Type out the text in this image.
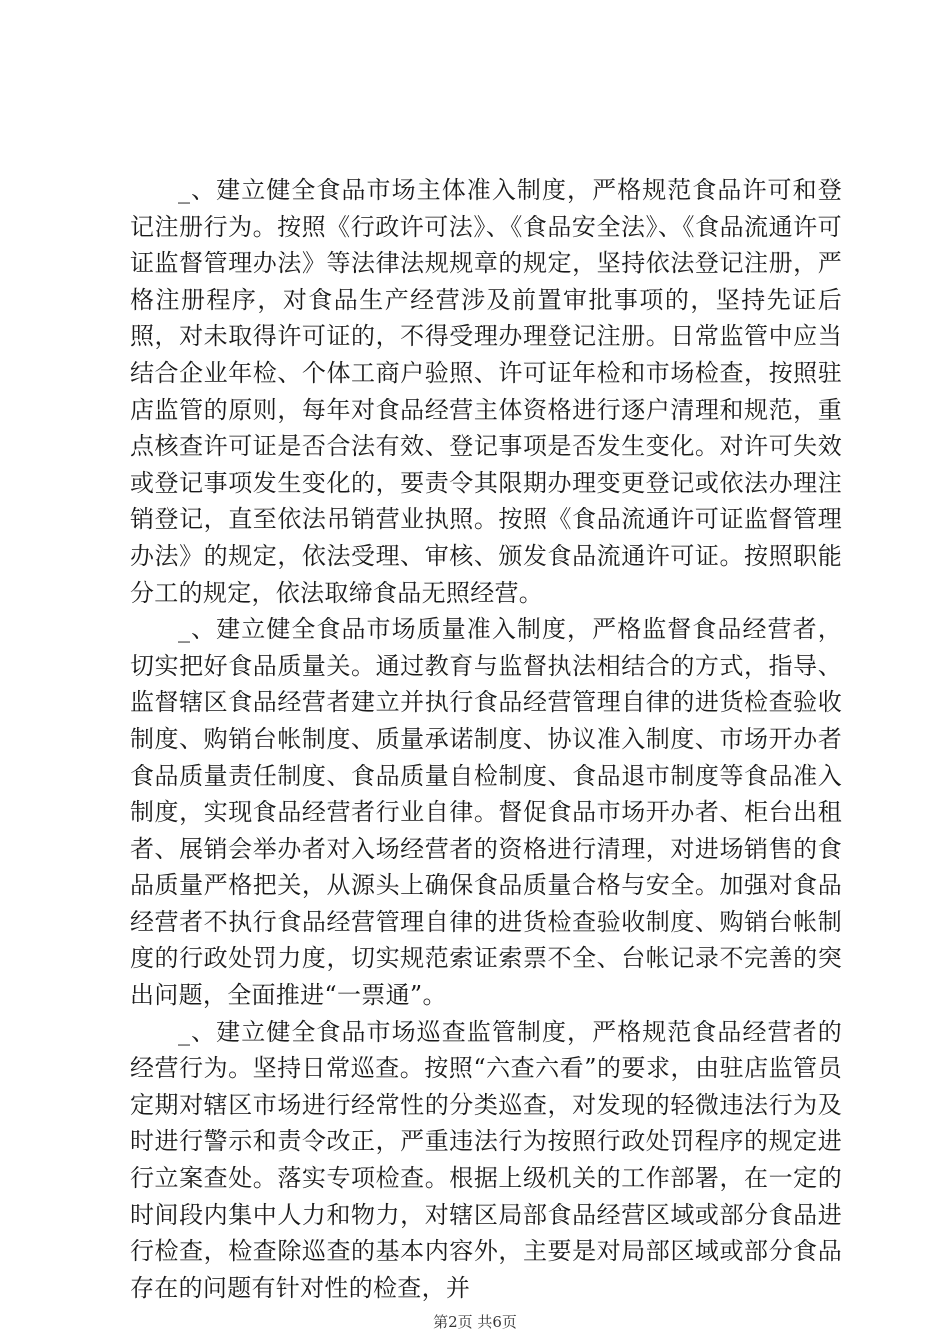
_、建立健全食品市场主体准入制度，严格规范食品许可和登记注册行为。按照《行政许可法》、《食品安全法》、《食品流通许可证监督管理办法》等法律法规规章的规定，坚持依法登记注册，严格注册程序，对食品生产经营涉及前置审批事项的，坚持先证后照，对未取得许可证的，不得受理办理登记注册。日常监管中应当结合企业年检、个体工商户验照、许可证年检和市场检查，按照驻店监管的原则，每年对食品经营主体资格进行逐户清理和规范，重点核查许可证是否合法有效、登记事项是否发生变化。对许可失效或登记事项发生变化的，要责令其限期办理变更登记或依法办理注销登记，直至依法吊销营业执照。按照《食品流通许可证监督管理办法》的规定，依法受理、审核、颁发食品流通许可证。按照职能分工的规定，依法取缔食品无照经营。

_、建立健全食品市场质量准入制度，严格监督食品经营者，切实把好食品质量关。通过教育与监督执法相结合的方式，指导、监督辖区食品经营者建立并执行食品经营管理自律的进货检查验收制度、购销台帐制度、质量承诺制度、协议准入制度、市场开办者食品质量责任制度、食品质量自检制度、食品退市制度等食品准入制度，实现食品经营者行业自律。督促食品市场开办者、柜台出租者、展销会举办者对入场经营者的资格进行清理，对进场销售的食品质量严格把关，从源头上确保食品质量合格与安全。加强对食品经营者不执行食品经营管理自律的进货检查验收制度、购销台帐制度的行政处罚力度，切实规范索证索票不全、台帐记录不完善的突出问题，全面推进“一票通”。

_、建立健全食品市场巡查监管制度，严格规范食品经营者的经营行为。坚持日常巡查。按照“六查六看”的要求，由驻店监管员定期对辖区市场进行经常性的分类巡查，对发现的轻微违法行为及时进行警示和责令改正，严重违法行为按照行政处罚程序的规定进行立案查处。落实专项检查。根据上级机关的工作部署，在一定的时间段内集中人力和物力，对辖区局部食品经营区域或部分食品进行检查，检查除巡查的基本内容外，主要是对局部区域或部分食品存在的问题有针对性的检查，并

第2页 共6页
